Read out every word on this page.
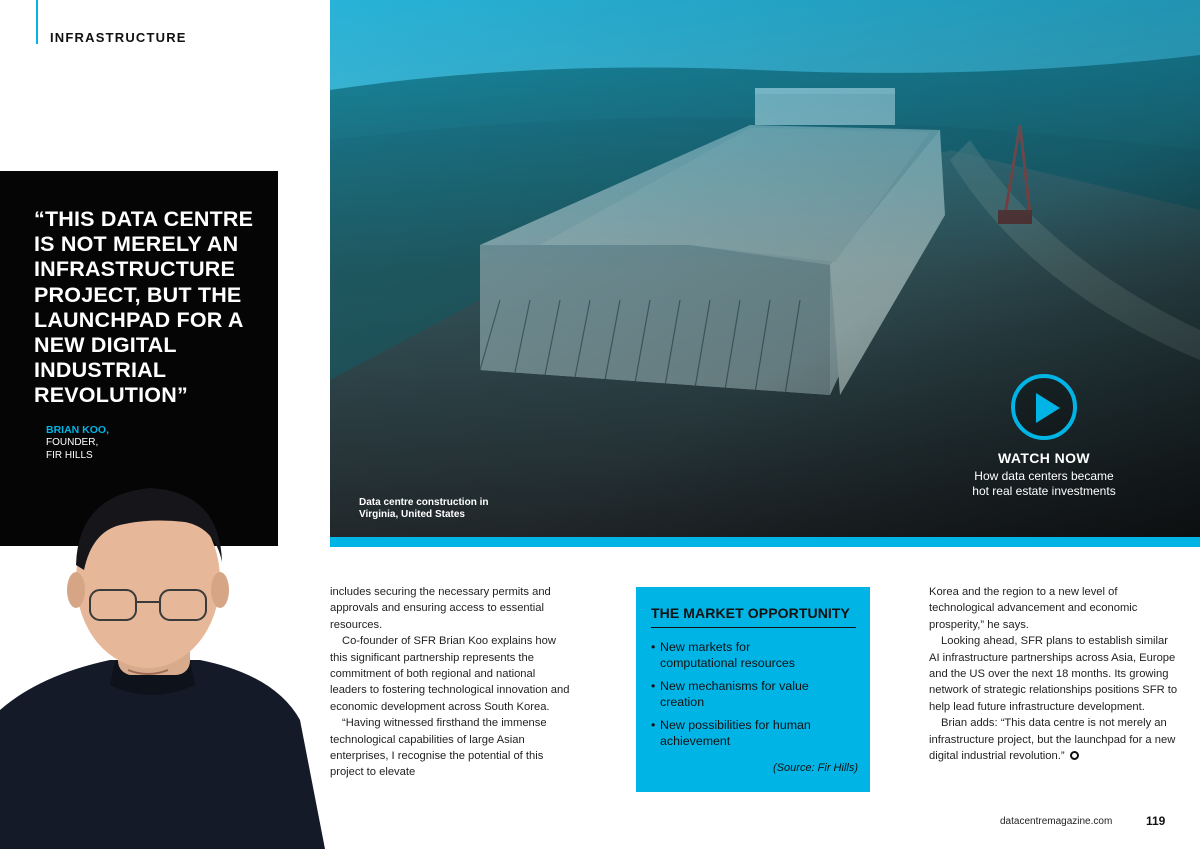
INFRASTRUCTURE
Data centre construction in Virginia, United States
WATCH NOW
How data centers became hot real estate investments
“THIS DATA CENTRE IS NOT MERELY AN INFRASTRUCTURE PROJECT, BUT THE LAUNCHPAD FOR A NEW DIGITAL INDUSTRIAL REVOLUTION”
BRIAN KOO,
FOUNDER,
FIR HILLS

includes securing the necessary permits and approvals and ensuring access to essential resources.

Co-founder of SFR Brian Koo explains how this significant partnership represents the commitment of both regional and national leaders to fostering technological innovation and economic development across South Korea.

“Having witnessed firsthand the immense technological capabilities of large Asian enterprises, I recognise the potential of this project to elevate

THE MARKET OPPORTUNITY
• New markets for computational resources
• New mechanisms for value creation
• New possibilities for human achievement
(Source: Fir Hills)

Korea and the region to a new level of technological advancement and economic prosperity,” he says.

Looking ahead, SFR plans to establish similar AI infrastructure partnerships across Asia, Europe and the US over the next 18 months. Its growing network of strategic relationships positions SFR to help lead future infrastructure development.

Brian adds: “This data centre is not merely an infrastructure project, but the launchpad for a new digital industrial revolution.”

datacentremagazine.com	119
